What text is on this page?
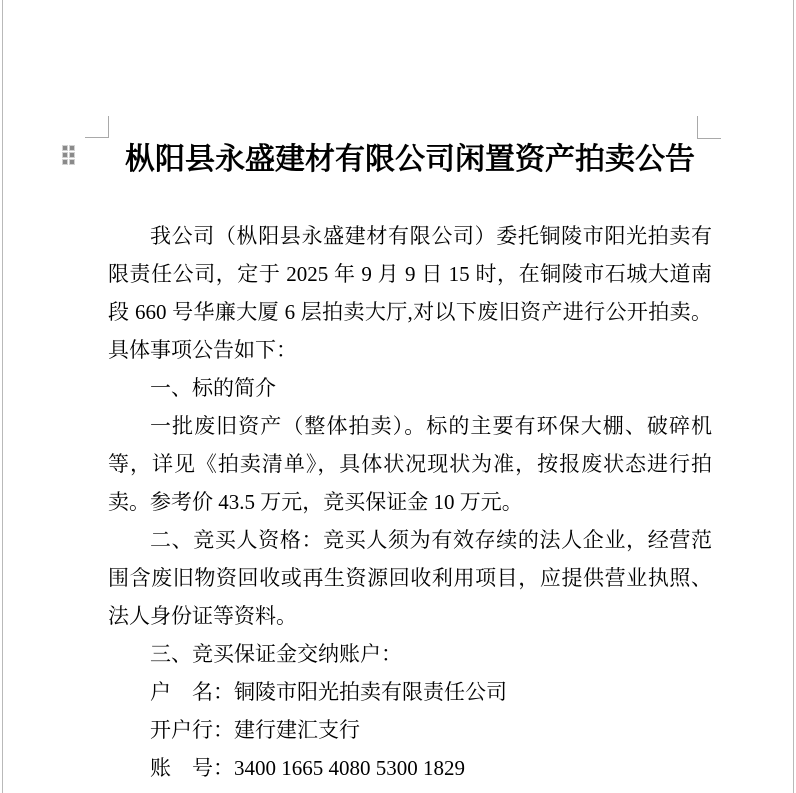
枞阳县永盛建材有限公司闲置资产拍卖公告
我公司（枞阳县永盛建材有限公司）委托铜陵市阳光拍卖有
限责任公司，定于 2025 年 9 月 9 日 15 时，在铜陵市石城大道南
段 660 号华廉大厦 6 层拍卖大厅,对以下废旧资产进行公开拍卖。
具体事项公告如下：
一、标的简介
一批废旧资产（整体拍卖）。标的主要有环保大棚、破碎机
等，详见《拍卖清单》，具体状况现状为准，按报废状态进行拍
卖。参考价 43.5 万元，竞买保证金 10 万元。
二、竞买人资格：竞买人须为有效存续的法人企业，经营范
围含废旧物资回收或再生资源回收利用项目，应提供营业执照、
法人身份证等资料。
三、竞买保证金交纳账户：
户　名：铜陵市阳光拍卖有限责任公司
开户行：建行建汇支行
账　号：3400 1665 4080 5300 1829
